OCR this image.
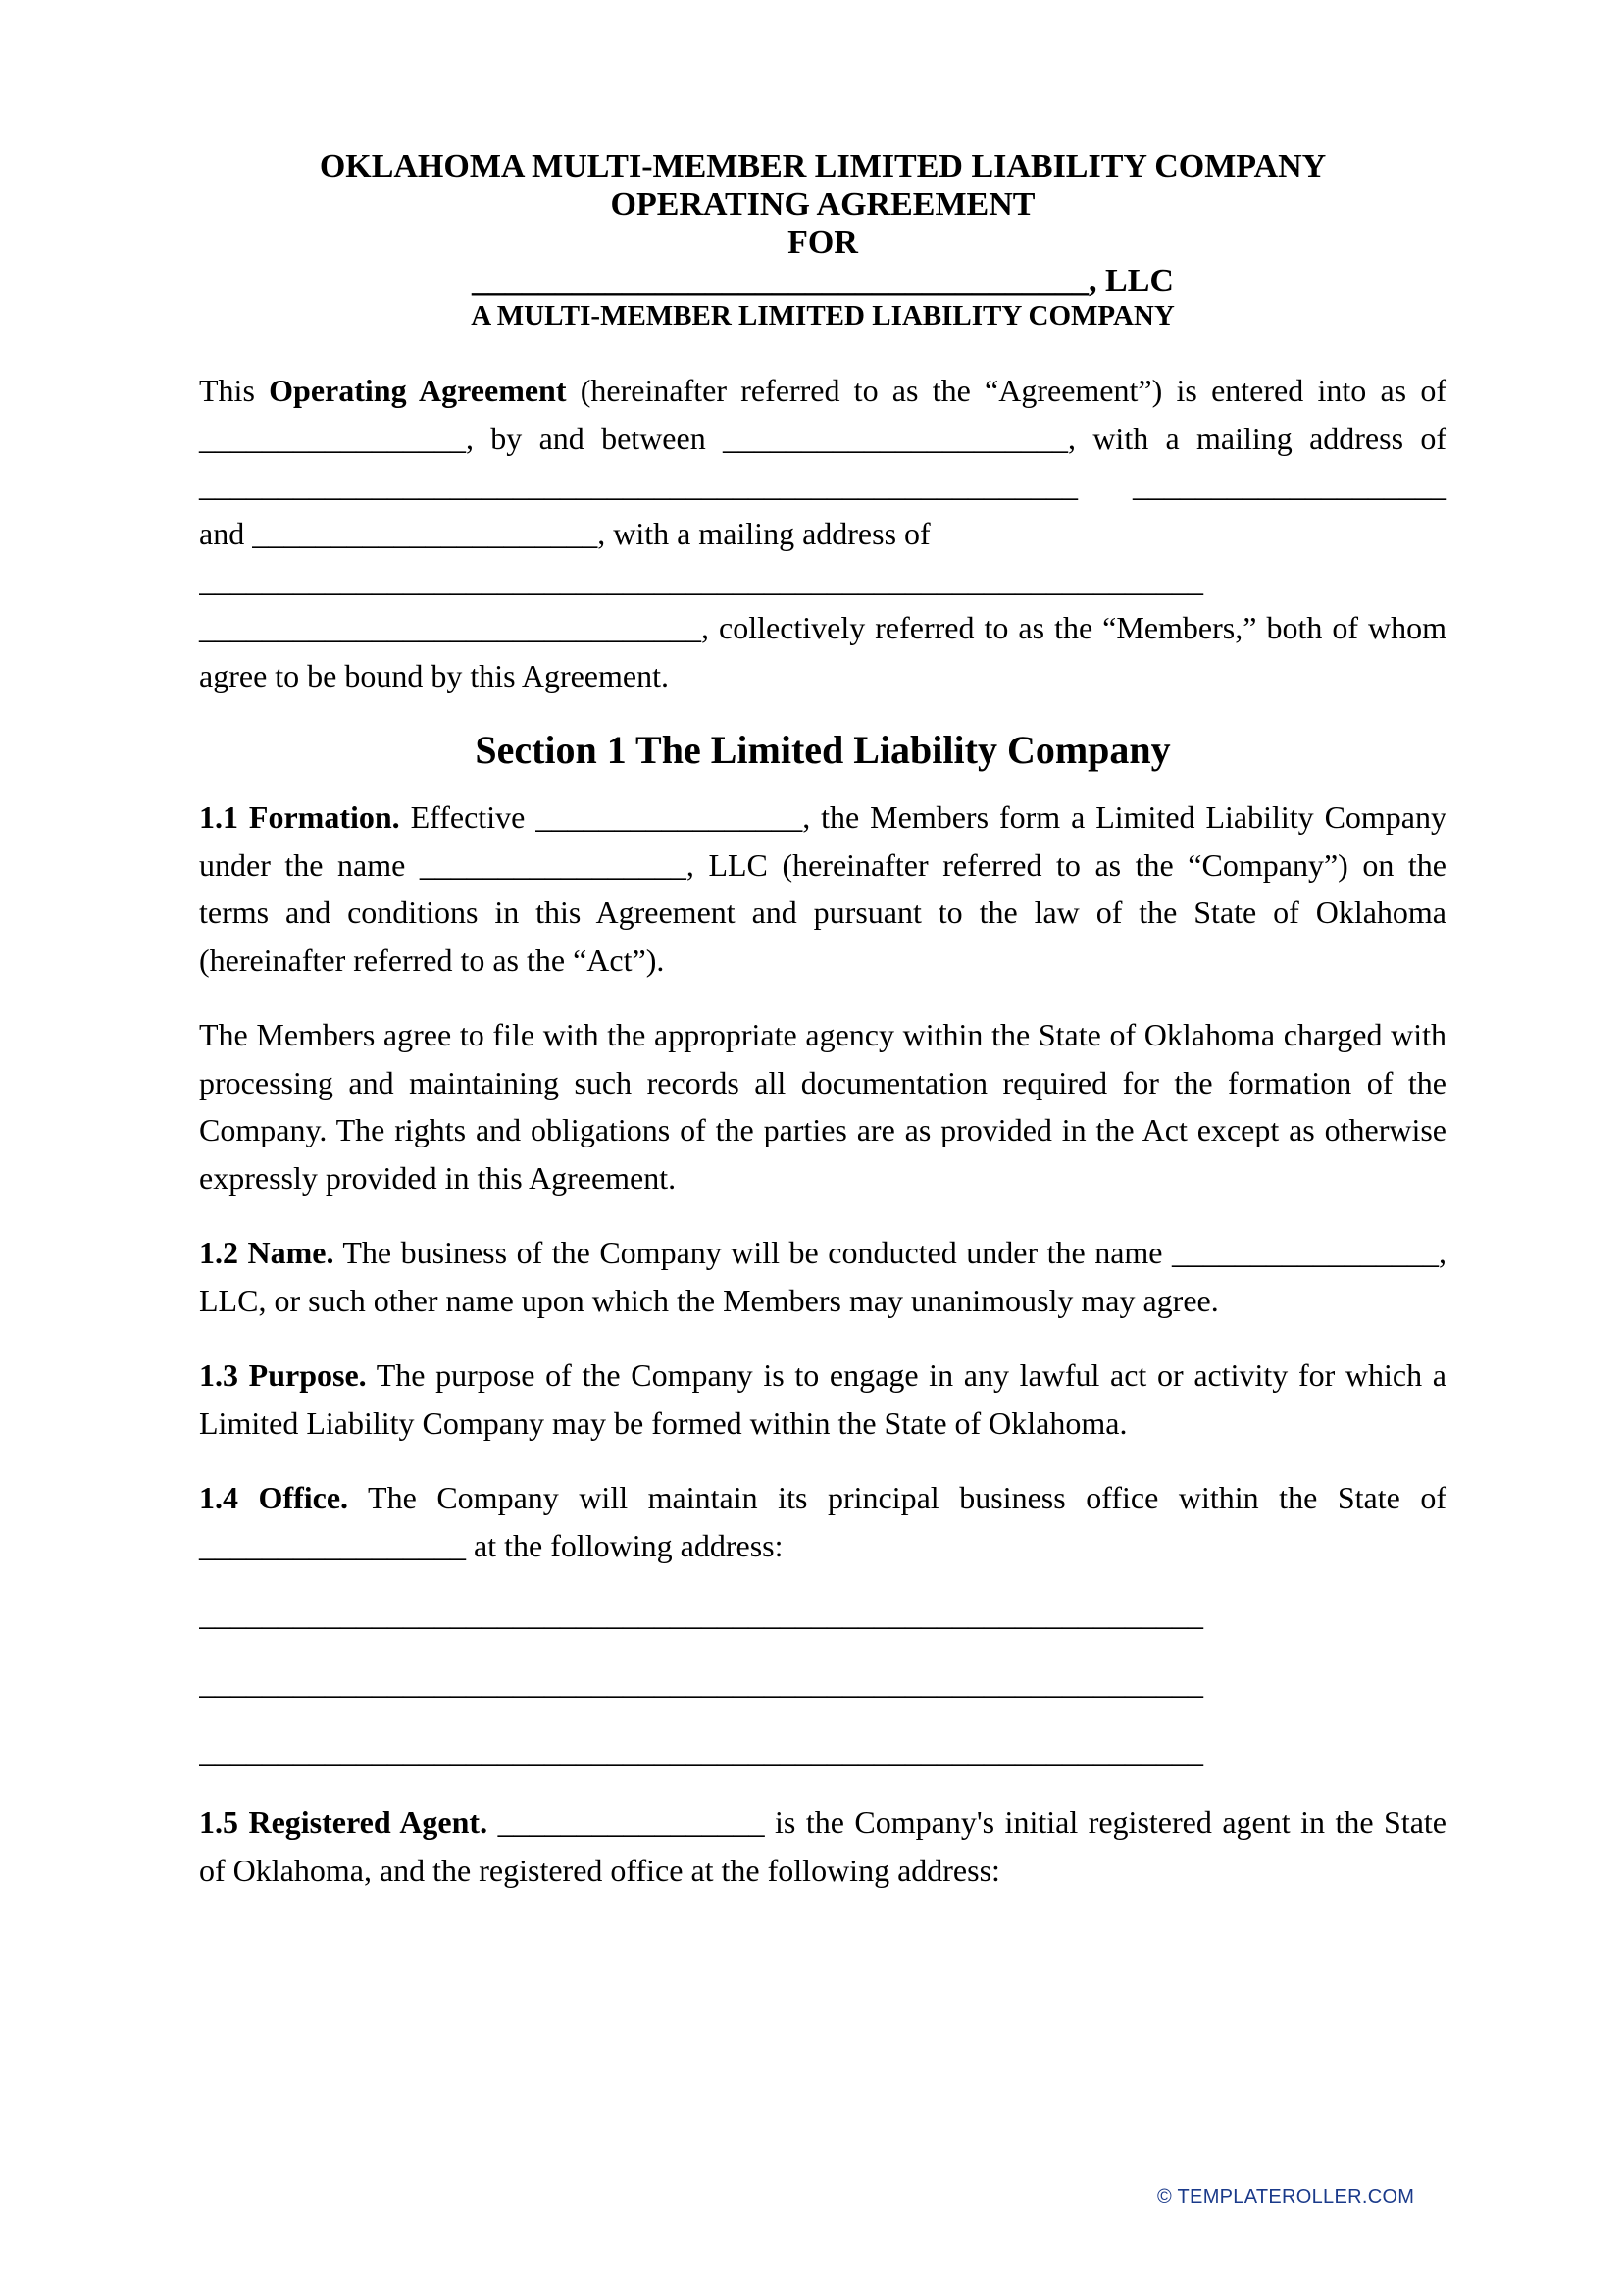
OKLAHOMA MULTI-MEMBER LIMITED LIABILITY COMPANY
OPERATING AGREEMENT
FOR
_____________________________________, LLC
A MULTI-MEMBER LIMITED LIABILITY COMPANY

This Operating Agreement (hereinafter referred to as the “Agreement”) is entered into as of _________________, by and between ______________________, with a mailing address of ________________________________________________________ ____________________ and ______________________, with a mailing address of

________________________________________________________________

________________________________, collectively referred to as the “Members,” both of whom agree to be bound by this Agreement.

Section 1 The Limited Liability Company

1.1 Formation. Effective _________________, the Members form a Limited Liability Company under the name _________________, LLC (hereinafter referred to as the “Company”) on the terms and conditions in this Agreement and pursuant to the law of the State of Oklahoma (hereinafter referred to as the “Act”).

The Members agree to file with the appropriate agency within the State of Oklahoma charged with processing and maintaining such records all documentation required for the formation of the Company. The rights and obligations of the parties are as provided in the Act except as otherwise expressly provided in this Agreement.

1.2 Name. The business of the Company will be conducted under the name _________________, LLC, or such other name upon which the Members may unanimously may agree.

1.3 Purpose. The purpose of the Company is to engage in any lawful act or activity for which a Limited Liability Company may be formed within the State of Oklahoma.

1.4 Office. The Company will maintain its principal business office within the State of _________________ at the following address:

________________________________________________________________

________________________________________________________________

________________________________________________________________

1.5 Registered Agent. _________________ is the Company's initial registered agent in the State of Oklahoma, and the registered office at the following address:

© TEMPLATEROLLER.COM
